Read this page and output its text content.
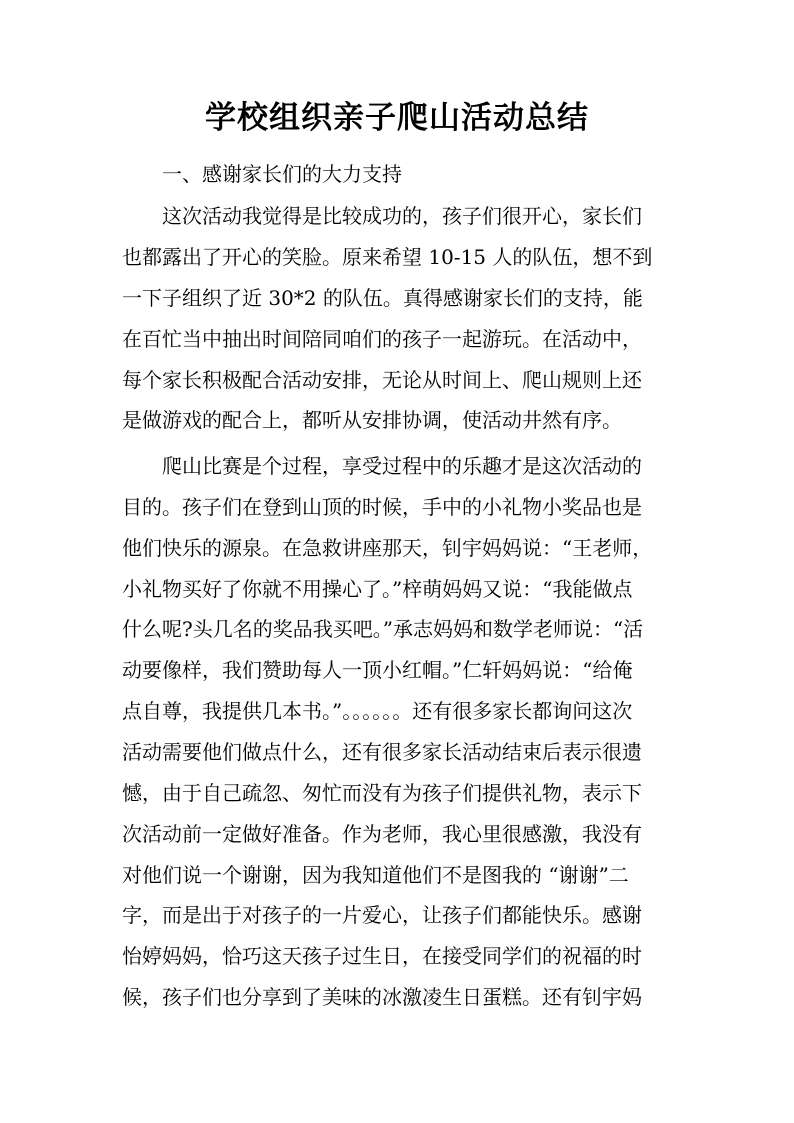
学校组织亲子爬山活动总结
一、感谢家长们的大力支持
这次活动我觉得是比较成功的，孩子们很开心，家长们
也都露出了开心的笑脸。原来希望 10-15 人的队伍，想不到
一下子组织了近 30*2 的队伍。真得感谢家长们的支持，能
在百忙当中抽出时间陪同咱们的孩子一起游玩。在活动中，
每个家长积极配合活动安排，无论从时间上、爬山规则上还
是做游戏的配合上，都听从安排协调，使活动井然有序。
爬山比赛是个过程，享受过程中的乐趣才是这次活动的
目的。孩子们在登到山顶的时候，手中的小礼物小奖品也是
他们快乐的源泉。在急救讲座那天，钊宇妈妈说：“王老师，
小礼物买好了你就不用操心了。”梓萌妈妈又说：“我能做点
什么呢?头几名的奖品我买吧。”承志妈妈和数学老师说：“活
动要像样，我们赞助每人一顶小红帽。”仁轩妈妈说：“给俺
点自尊，我提供几本书。”。。。。。。还有很多家长都询问这次
活动需要他们做点什么，还有很多家长活动结束后表示很遗
憾，由于自己疏忽、匆忙而没有为孩子们提供礼物，表示下
次活动前一定做好准备。作为老师，我心里很感激，我没有
对他们说一个谢谢，因为我知道他们不是图我的 “谢谢”二
字，而是出于对孩子的一片爱心，让孩子们都能快乐。感谢
怡婷妈妈，恰巧这天孩子过生日，在接受同学们的祝福的时
候，孩子们也分享到了美味的冰激凌生日蛋糕。还有钊宇妈
